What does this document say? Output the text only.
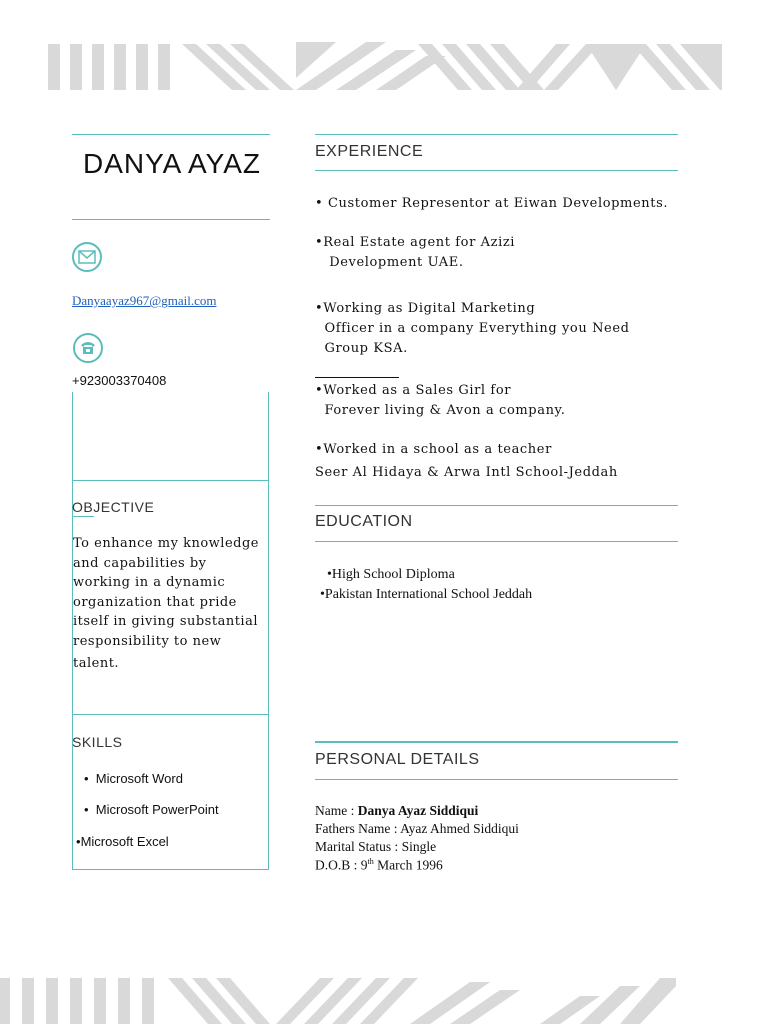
DANYA AYAZ
Danyaayaz967@gmail.com
+923003370408
OBJECTIVE
To enhance my knowledge
and capabilities by
working in a dynamic
organization that pride
itself in giving substantial
responsibility to new
talent.
SKILLS
•  Microsoft Word
•  Microsoft PowerPoint
•Microsoft Excel
EXPERIENCE
• Customer Representor at Eiwan Developments.
•Real Estate agent for Azizi
Development UAE.
•Working as Digital Marketing
Officer in a company Everything you Need
Group KSA.
•Worked as a Sales Girl for
Forever living & Avon a company.
•Worked in a school as a teacher
Seer Al Hidaya & Arwa Intl School-Jeddah
EDUCATION
•High School Diploma
•Pakistan International School Jeddah
PERSONAL DETAILS
Name : Danya Ayaz Siddiqui
Fathers Name : Ayaz Ahmed Siddiqui
Marital Status : Single
D.O.B : 9th March 1996
